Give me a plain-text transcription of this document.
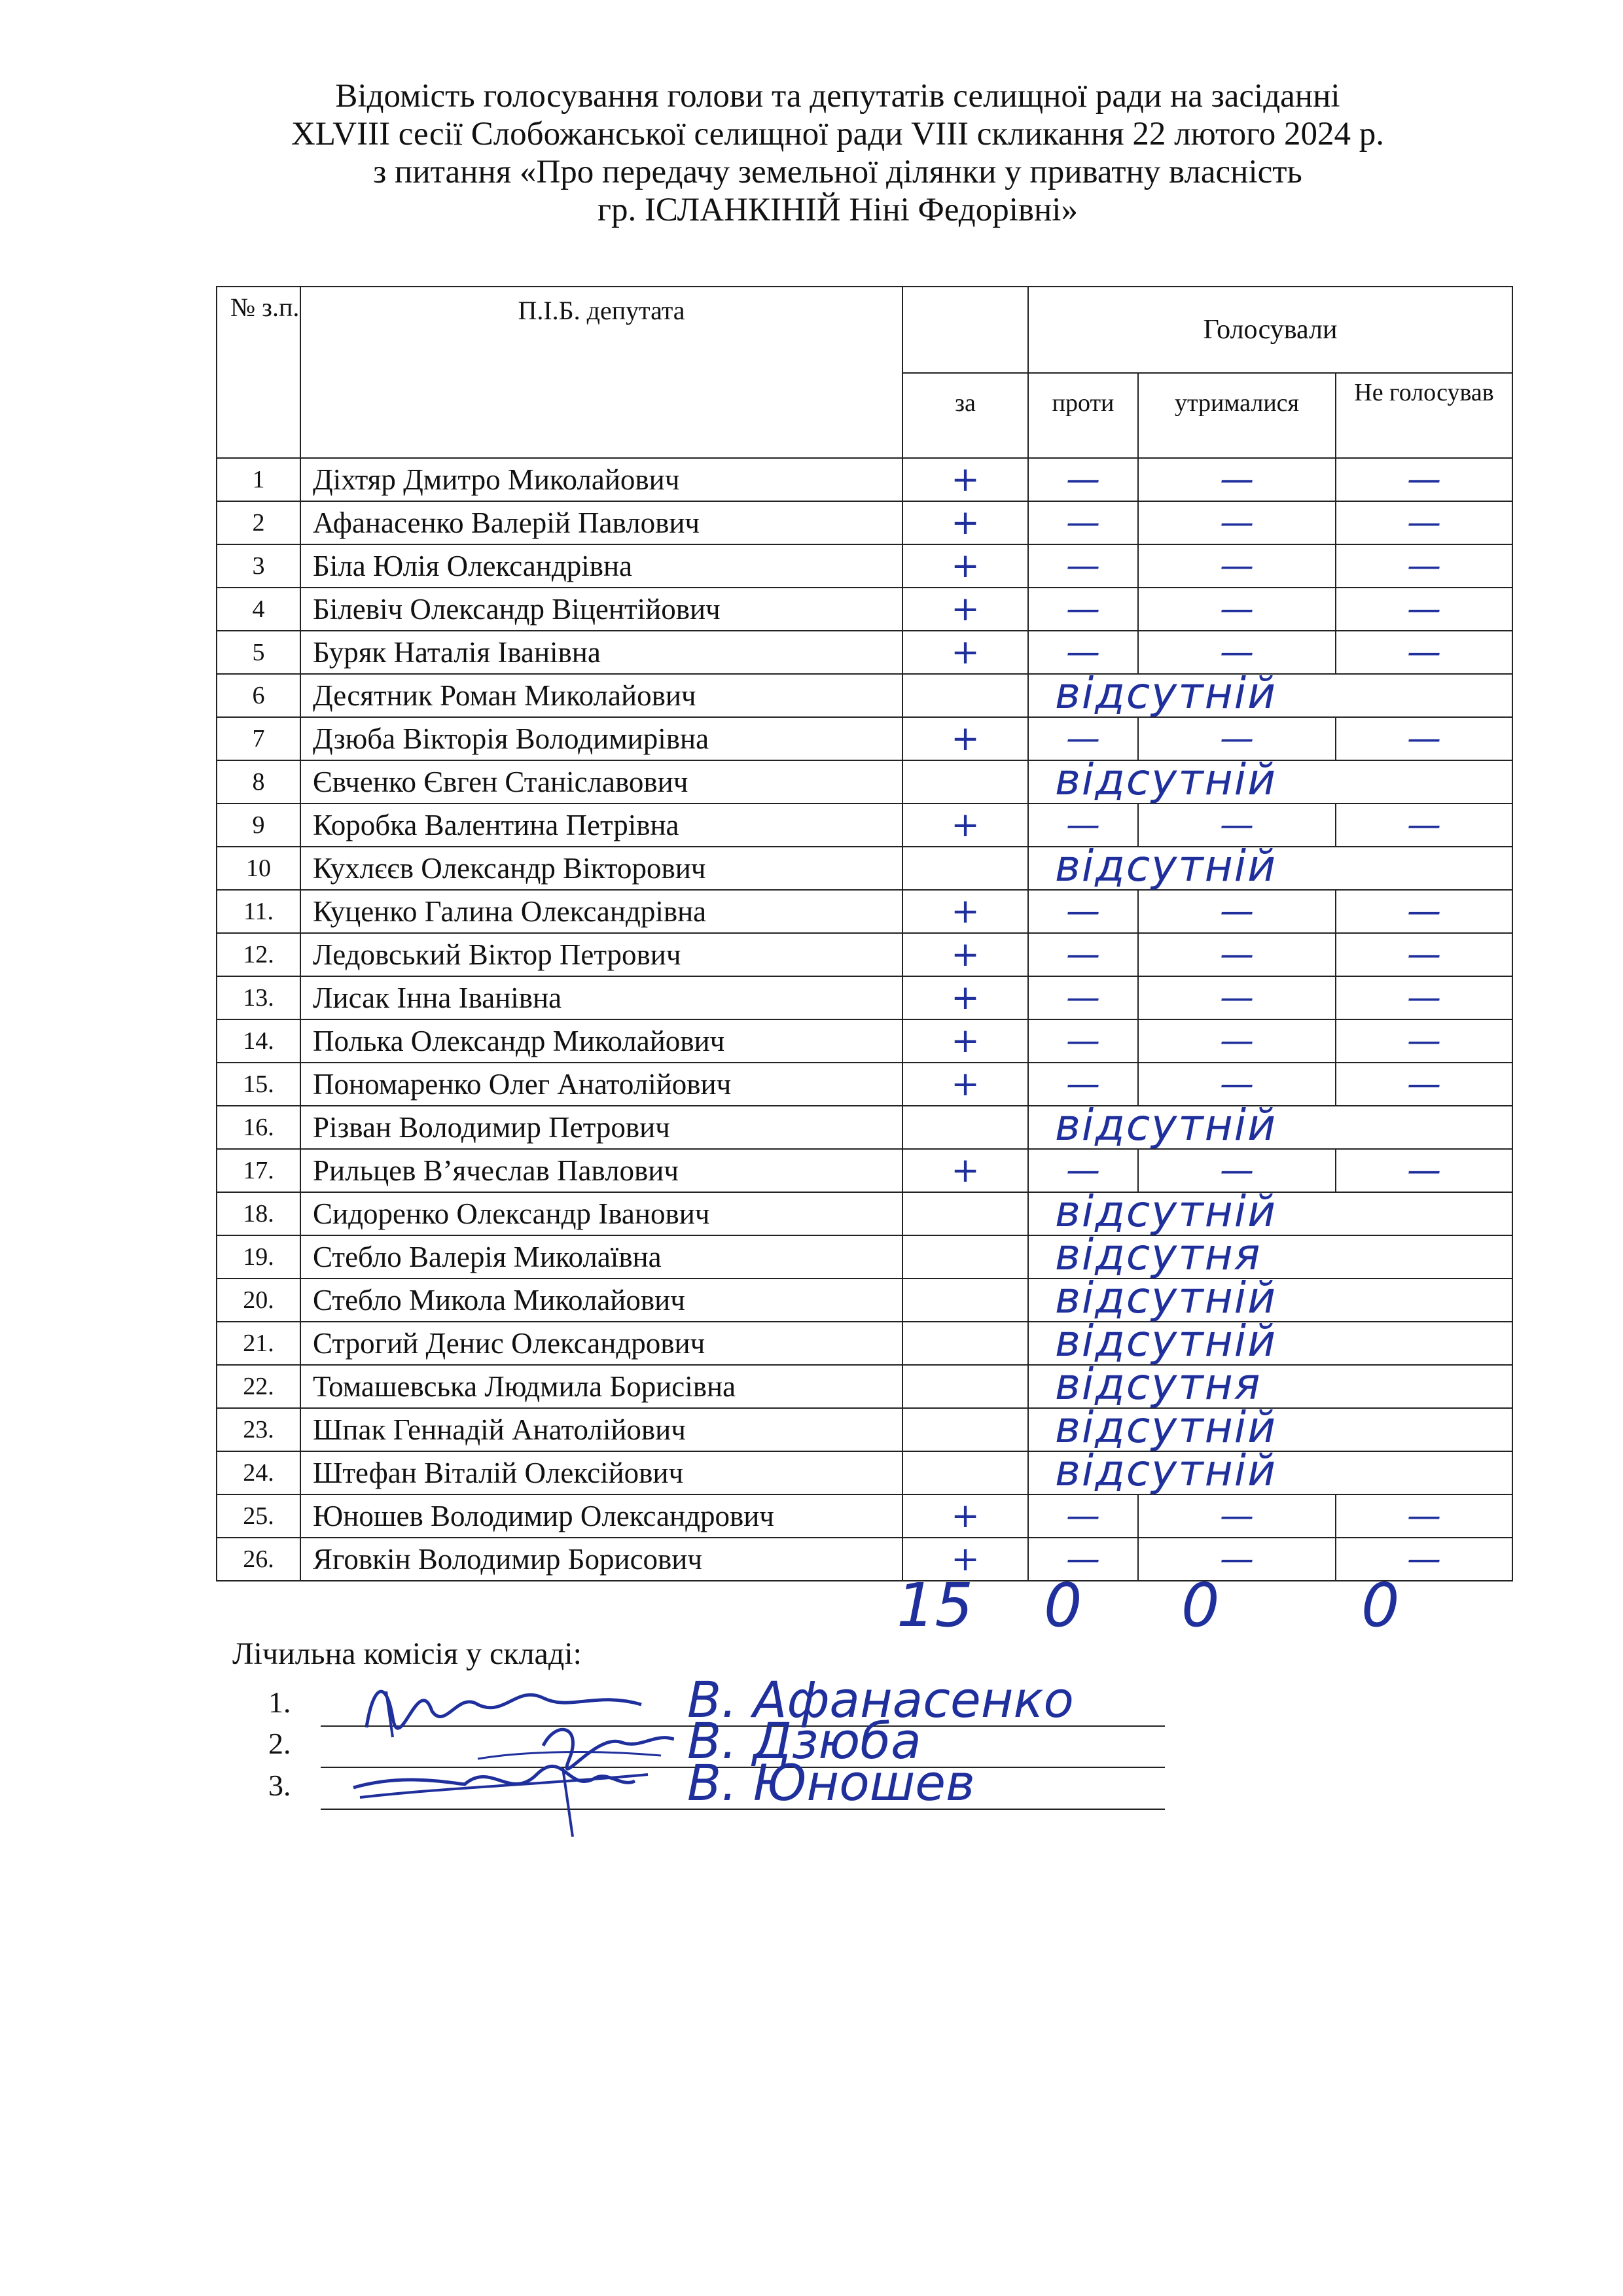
Відомість голосування голови та депутатів селищної ради на засіданні
XLVIII сесії Слобожанської селищної ради VIII скликання 22 лютого 2024 р.
з питання «Про передачу земельної ділянки у приватну власність
гр. ІСЛАНКІНІЙ Ніні Федорівні»
№ з.п.	П.І.Б. депутата		Голосували		
		за	проти	утрималися	Не голосував
1	Діхтяр Дмитро Миколайович	+	—	—	—
2	Афанасенко Валерій Павлович	+	—	—	—
3	Біла Юлія Олександрівна	+	—	—	—
4	Білевіч Олександр Віцентійович	+	—	—	—
5	Буряк Наталія Іванівна	+	—	—	—
6	Десятник Роман Миколайович		відсутній		

7	Дзюба Вікторія Володимирівна	+	—	—	—
8	Євченко Євген Станіславович		відсутній		

9	Коробка Валентина Петрівна	+	—	—	—
10	Кухлєєв Олександр Вікторович		відсутній		

11.	Куценко Галина Олександрівна	+	—	—	—
12.	Ледовський Віктор Петрович	+	—	—	—
13.	Лисак Інна Іванівна	+	—	—	—
14.	Полька Олександр Миколайович	+	—	—	—
15.	Пономаренко Олег Анатолійович	+	—	—	—
16.	Різван Володимир Петрович		відсутній		

17.	Рильцев В’ячеслав Павлович	+	—	—	—
18.	Сидоренко Олександр Іванович		відсутній		

19.	Стебло Валерія Миколаївна		відсутня		

20.	Стебло Микола Миколайович		відсутній		

21.	Строгий Денис Олександрович		відсутній		

22.	Томашевська Людмила Борисівна		відсутня		

23.	Шпак Геннадій Анатолійович		відсутній		

24.	Штефан Віталій Олексійович		відсутній		

25.	Юношев Володимир Олександрович	+	—	—	—
26.	Яговкін Володимир Борисович	+	—	—	—
15 0 0 0
Лічильна комісія у складі:
1.	В. Афанасенко
2.	В. Дзюба
3.	В. Юношев
